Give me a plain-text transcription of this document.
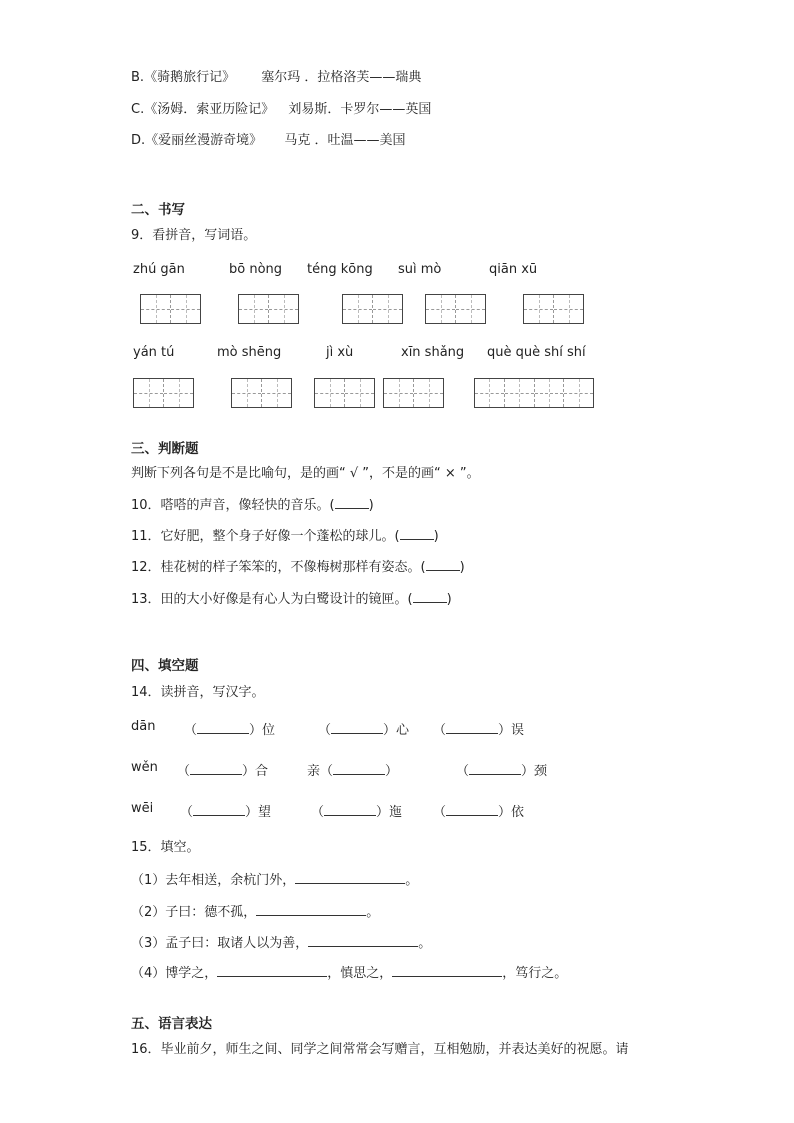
B.《骑鹅旅行记》 塞尔玛 ．拉格洛芙——瑞典
C.《汤姆．索亚历险记》 刘易斯．卡罗尔——英国
D.《爱丽丝漫游奇境》 马克 ．吐温——美国
二、书写
9．看拼音，写词语。
zhú gān	bō nòng téng kōng suì mò	qiān xū
yán tú	mò shēng	jì xù	xīn shǎng què què shí shí
三、判断题
判断下列各句是不是比喻句，是的画“ √ ”，不是的画“ × ”。
10．嗒嗒的声音，像轻快的音乐。(	)
11．它好肥，整个身子好像一个蓬松的球儿。(	)
12．桂花树的样子笨笨的，不像梅树那样有姿态。(	)
13．田的大小好像是有心人为白鹭设计的镜匣。(	)
四、填空题
14．读拼音，写汉字。
dān （	）位	（	）心 （	）误
wěn （	）合	亲（	）	（	）颈
wēi （	）望	（	）迤 （	）依
15．填空。
（1）去年相送，余杭门外，	。
（2）子曰：德不孤，	。
（3）孟子曰：取诸人以为善，	。
（4）博学之，	，慎思之，	，笃行之。
五、语言表达
16．毕业前夕，师生之间、同学之间常常会写赠言，互相勉励，并表达美好的祝愿。请
